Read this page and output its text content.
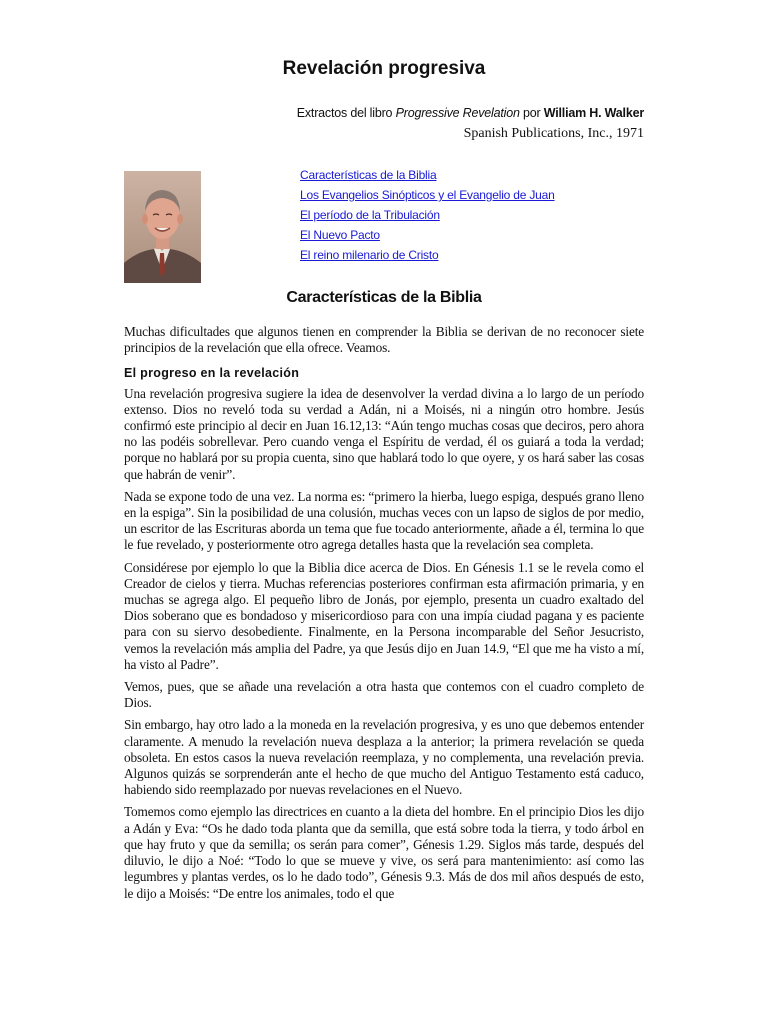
Revelación progresiva
Extractos del libro Progressive Revelation por William H. Walker
Spanish Publications, Inc., 1971
Características de la Biblia
Los Evangelios Sinópticos y el Evangelio de Juan
El período de la Tribulación
El Nuevo Pacto
El reino milenario de Cristo
Características de la Biblia

Muchas dificultades que algunos tienen en comprender la Biblia se derivan de no reconocer siete principios de la revelación que ella ofrece. Veamos.

El progreso en la revelación

Una revelación progresiva sugiere la idea de desenvolver la verdad divina a lo largo de un período extenso. Dios no reveló toda su verdad a Adán, ni a Moisés, ni a ningún otro hombre. Jesús confirmó este principio al decir en Juan 16.12,13: “Aún tengo muchas cosas que deciros, pero ahora no las podéis sobrellevar. Pero cuando venga el Espíritu de verdad, él os guiará a toda la verdad; porque no hablará por su propia cuenta, sino que hablará todo lo que oyere, y os hará saber las cosas que habrán de venir”.

Nada se expone todo de una vez. La norma es: “primero la hierba, luego espiga, después grano lleno en la espiga”. Sin la posibilidad de una colusión, muchas veces con un lapso de siglos de por medio, un escritor de las Escrituras aborda un tema que fue tocado anteriormente, añade a él, termina lo que le fue revelado, y posteriormente otro agrega detalles hasta que la revelación sea completa.

Considérese por ejemplo lo que la Biblia dice acerca de Dios. En Génesis 1.1 se le revela como el Creador de cielos y tierra. Muchas referencias posteriores confirman esta afirmación primaria, y en muchas se agrega algo. El pequeño libro de Jonás, por ejemplo, presenta un cuadro exaltado del Dios soberano que es bondadoso y misericordioso para con una impía ciudad pagana y es paciente para con su siervo desobediente. Finalmente, en la Persona incomparable del Señor Jesucristo, vemos la revelación más amplia del Padre, ya que Jesús dijo en Juan 14.9, “El que me ha visto a mí, ha visto al Padre”.

Vemos, pues, que se añade una revelación a otra hasta que contemos con el cuadro completo de Dios.

Sin embargo, hay otro lado a la moneda en la revelación progresiva, y es uno que debemos entender claramente. A menudo la revelación nueva desplaza a la anterior; la primera revelación se queda obsoleta. En estos casos la nueva revelación reemplaza, y no complementa, una revelación previa. Algunos quizás se sorprenderán ante el hecho de que mucho del Antiguo Testamento está caduco, habiendo sido reemplazado por nuevas revelaciones en el Nuevo.

Tomemos como ejemplo las directrices en cuanto a la dieta del hombre. En el principio Dios les dijo a Adán y Eva: “Os he dado toda planta que da semilla, que está sobre toda la tierra, y todo árbol en que hay fruto y que da semilla; os serán para comer”, Génesis 1.29. Siglos más tarde, después del diluvio, le dijo a Noé: “Todo lo que se mueve y vive, os será para mantenimiento: así como las legumbres y plantas verdes, os lo he dado todo”, Génesis 9.3. Más de dos mil años después de esto, le dijo a Moisés: “De entre los animales, todo el que
